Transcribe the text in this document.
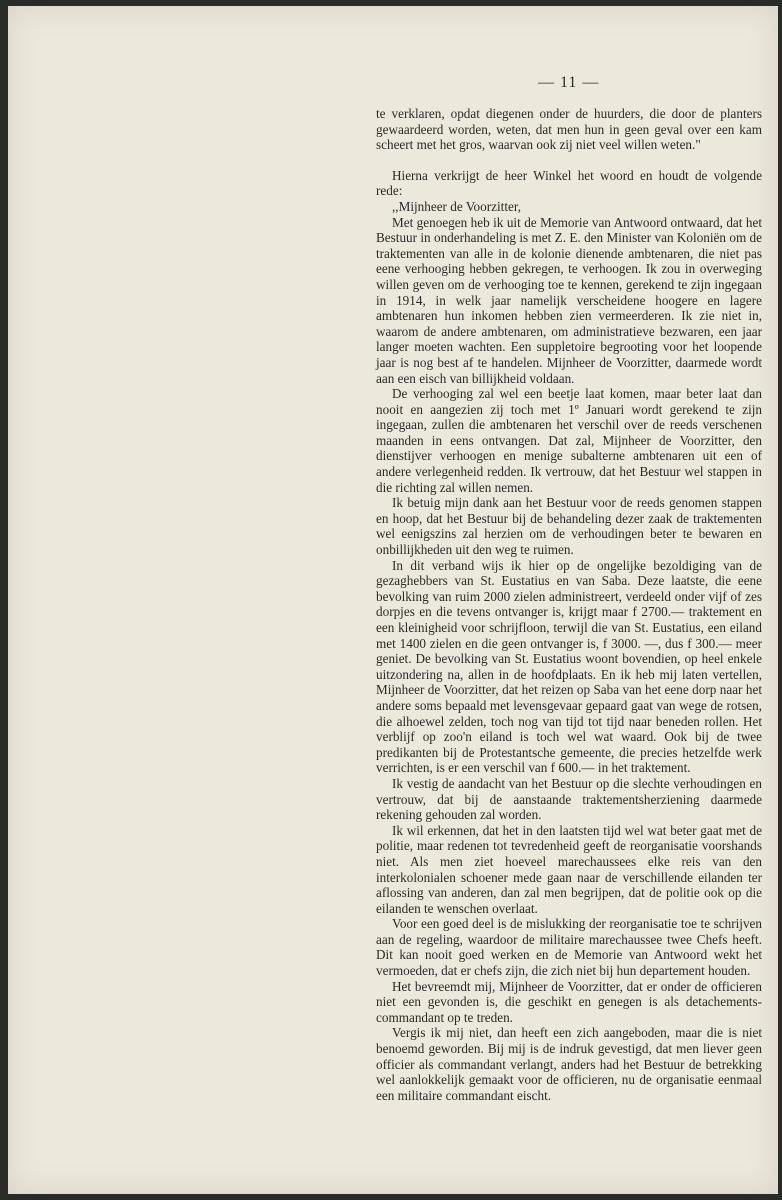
— 11 —

te verklaren, opdat diegenen onder de huurders, die door de planters gewaardeerd worden, weten, dat men hun in geen geval over een kam scheert met het gros, waarvan ook zij niet veel willen weten."

Hierna verkrijgt de heer Winkel het woord en houdt de volgende rede:

,,Mijnheer de Voorzitter,

Met genoegen heb ik uit de Memorie van Antwoord ontwaard, dat het Bestuur in onderhandeling is met Z. E. den Minister van Koloniën om de traktementen van alle in de kolonie dienende ambtenaren, die niet pas eene verhooging hebben gekregen, te verhoogen. Ik zou in overweging willen geven om de verhooging toe te kennen, gerekend te zijn ingegaan in 1914, in welk jaar namelijk verscheidene hoogere en lagere ambtenaren hun inkomen hebben zien vermeerderen. Ik zie niet in, waarom de andere ambtenaren, om administratieve bezwaren, een jaar langer moeten wachten. Een suppletoire begrooting voor het loopende jaar is nog best af te handelen. Mijnheer de Voorzitter, daarmede wordt aan een eisch van billijkheid voldaan.

De verhooging zal wel een beetje laat komen, maar beter laat dan nooit en aangezien zij toch met 1º Januari wordt gerekend te zijn ingegaan, zullen die ambtenaren het verschil over de reeds verschenen maanden in eens ontvangen. Dat zal, Mijnheer de Voorzitter, den dienstijver verhoogen en menige subalterne ambtenaren uit een of andere verlegenheid redden. Ik vertrouw, dat het Bestuur wel stappen in die richting zal willen nemen.

Ik betuig mijn dank aan het Bestuur voor de reeds genomen stappen en hoop, dat het Bestuur bij de behandeling dezer zaak de traktementen wel eenigszins zal herzien om de verhoudingen beter te bewaren en onbillijkheden uit den weg te ruimen.

In dit verband wijs ik hier op de ongelijke bezoldiging van de gezaghebbers van St. Eustatius en van Saba. Deze laatste, die eene bevolking van ruim 2000 zielen administreert, verdeeld onder vijf of zes dorpjes en die tevens ontvanger is, krijgt maar f 2700.— traktement en een kleinigheid voor schrijfloon, terwijl die van St. Eustatius, een eiland met 1400 zielen en die geen ontvanger is, f 3000. —, dus f 300.— meer geniet. De bevolking van St. Eustatius woont bovendien, op heel enkele uitzondering na, allen in de hoofdplaats. En ik heb mij laten vertellen, Mijnheer de Voorzitter, dat het reizen op Saba van het eene dorp naar het andere soms bepaald met levensgevaar gepaard gaat van wege de rotsen, die alhoewel zelden, toch nog van tijd tot tijd naar beneden rollen. Het verblijf op zoo'n eiland is toch wel wat waard. Ook bij de twee predikanten bij de Protestantsche gemeente, die precies hetzelfde werk verrichten, is er een verschil van f 600.— in het traktement.

Ik vestig de aandacht van het Bestuur op die slechte verhoudingen en vertrouw, dat bij de aanstaande traktementsherziening daarmede rekening gehouden zal worden.

Ik wil erkennen, dat het in den laatsten tijd wel wat beter gaat met de politie, maar redenen tot tevredenheid geeft de reorganisatie voorshands niet. Als men ziet hoeveel marechaussees elke reis van den interkolonialen schoener mede gaan naar de verschillende eilanden ter aflossing van anderen, dan zal men begrijpen, dat de politie ook op die eilanden te wenschen overlaat.

Voor een goed deel is de mislukking der reorganisatie toe te schrijven aan de regeling, waardoor de militaire marechaussee twee Chefs heeft. Dit kan nooit goed werken en de Memorie van Antwoord wekt het vermoeden, dat er chefs zijn, die zich niet bij hun departement houden.

Het bevreemdt mij, Mijnheer de Voorzitter, dat er onder de officieren niet een gevonden is, die geschikt en genegen is als detachements-commandant op te treden.

Vergis ik mij niet, dan heeft een zich aangeboden, maar die is niet benoemd geworden. Bij mij is de indruk gevestigd, dat men liever geen officier als commandant verlangt, anders had het Bestuur de betrekking wel aanlokkelijk gemaakt voor de officieren, nu de organisatie eenmaal een militaire commandant eischt.
